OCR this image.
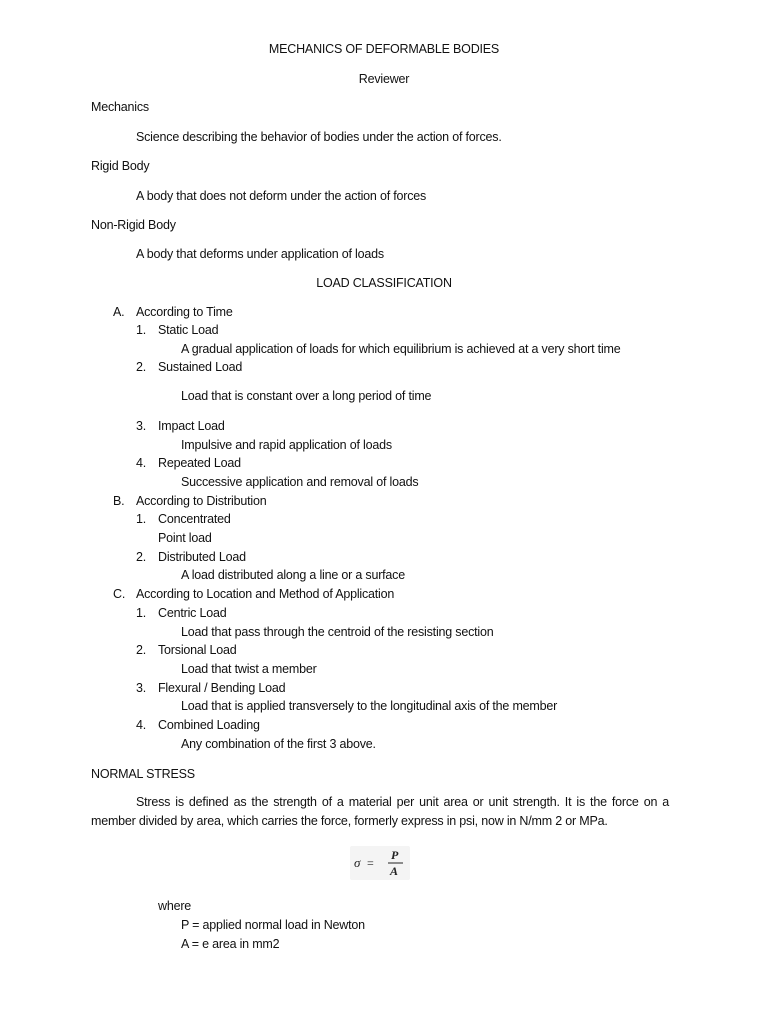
MECHANICS OF DEFORMABLE BODIES
Reviewer
Mechanics
Science describing the behavior of bodies under the action of forces.
Rigid Body
A body that does not deform under the action of forces
Non-Rigid Body
A body that deforms under application of loads
LOAD CLASSIFICATION
A. According to Time
1. Static Load
A gradual application of loads for which equilibrium is achieved at a very short time
2. Sustained Load
Load that is constant over a long period of time
3. Impact Load
Impulsive and rapid application of loads
4. Repeated Load
Successive application and removal of loads
B. According to Distribution
1. Concentrated
Point load
2. Distributed Load
A load distributed along a line or a surface
C. According to Location and Method of Application
1. Centric Load
Load that pass through the centroid of the resisting section
2. Torsional Load
Load that twist a member
3. Flexural / Bending Load
Load that is applied transversely to the longitudinal axis of the member
4. Combined Loading
Any combination of the first 3 above.
NORMAL STRESS
Stress is defined as the strength of a material per unit area or unit strength. It is the force on a member divided by area, which carries the force, formerly express in psi, now in N/mm 2 or MPa.
σ =
P
A
where
P = applied normal load in Newton
A = e area in mm2
